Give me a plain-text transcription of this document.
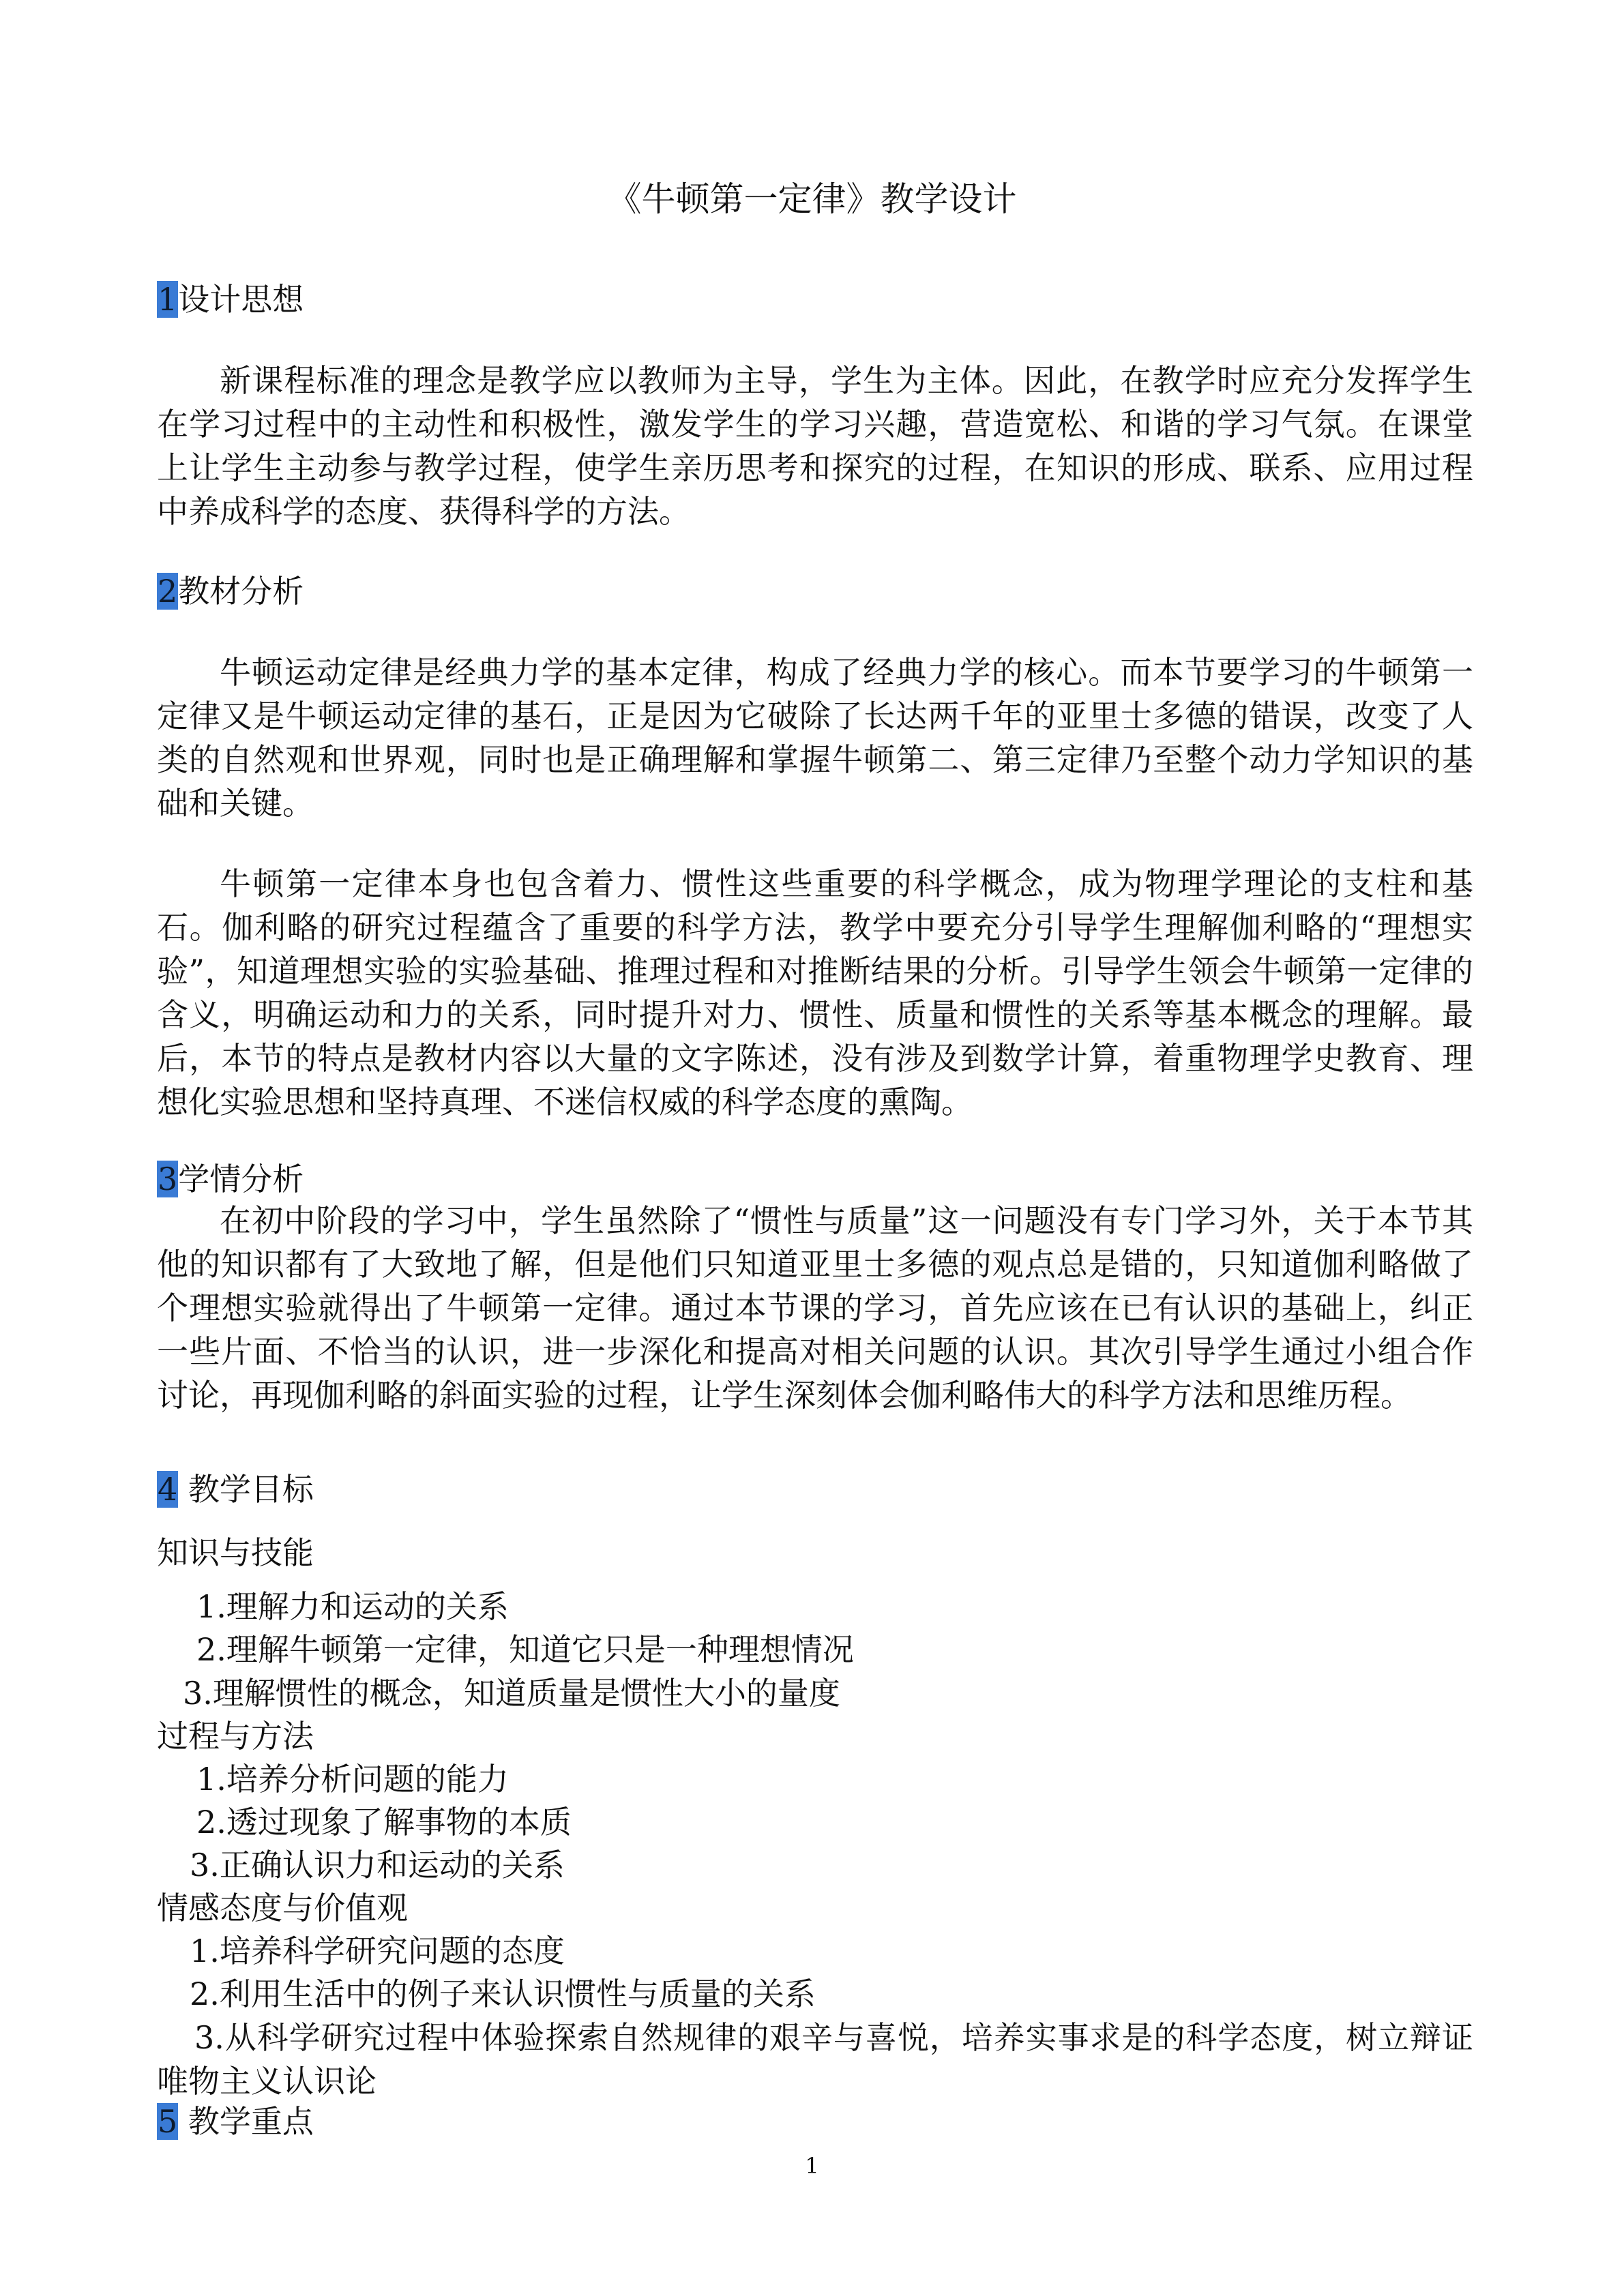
《牛顿第一定律》教学设计
1设计思想
新课程标准的理念是教学应以教师为主导，学生为主体。因此，在教学时应充分发挥学生在学习过程中的主动性和积极性，激发学生的学习兴趣，营造宽松、和谐的学习气氛。在课堂上让学生主动参与教学过程，使学生亲历思考和探究的过程，在知识的形成、联系、应用过程中养成科学的态度、获得科学的方法。
2教材分析
牛顿运动定律是经典力学的基本定律，构成了经典力学的核心。而本节要学习的牛顿第一定律又是牛顿运动定律的基石，正是因为它破除了长达两千年的亚里士多德的错误，改变了人类的自然观和世界观，同时也是正确理解和掌握牛顿第二、第三定律乃至整个动力学知识的基础和关键。
牛顿第一定律本身也包含着力、惯性这些重要的科学概念，成为物理学理论的支柱和基石。伽利略的研究过程蕴含了重要的科学方法，教学中要充分引导学生理解伽利略的“理想实验”，知道理想实验的实验基础、推理过程和对推断结果的分析。引导学生领会牛顿第一定律的含义，明确运动和力的关系，同时提升对力、惯性、质量和惯性的关系等基本概念的理解。最后，本节的特点是教材内容以大量的文字陈述，没有涉及到数学计算，着重物理学史教育、理想化实验思想和坚持真理、不迷信权威的科学态度的熏陶。
3学情分析
在初中阶段的学习中，学生虽然除了“惯性与质量”这一问题没有专门学习外，关于本节其他的知识都有了大致地了解，但是他们只知道亚里士多德的观点总是错的，只知道伽利略做了个理想实验就得出了牛顿第一定律。通过本节课的学习，首先应该在已有认识的基础上，纠正一些片面、不恰当的认识，进一步深化和提高对相关问题的认识。其次引导学生通过小组合作讨论，再现伽利略的斜面实验的过程，让学生深刻体会伽利略伟大的科学方法和思维历程。
4 教学目标
知识与技能
1.理解力和运动的关系
2.理解牛顿第一定律，知道它只是一种理想情况
3.理解惯性的概念，知道质量是惯性大小的量度
过程与方法
1.培养分析问题的能力
2.透过现象了解事物的本质
3.正确认识力和运动的关系
情感态度与价值观
1.培养科学研究问题的态度
2.利用生活中的例子来认识惯性与质量的关系
3.从科学研究过程中体验探索自然规律的艰辛与喜悦，培养实事求是的科学态度，树立辩证唯物主义认识论
5 教学重点
1
